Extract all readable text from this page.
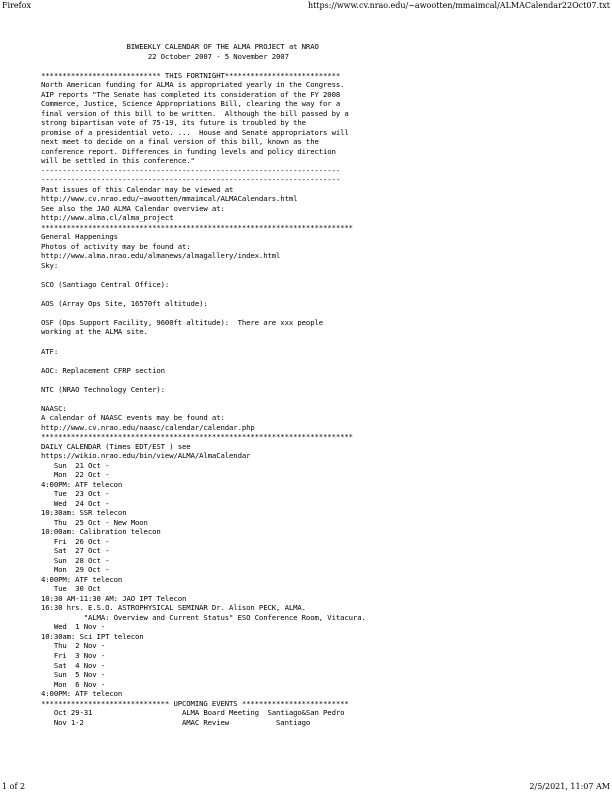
Firefox	https://www.cv.nrao.edu/~awootten/mmaimcal/ALMACalendar22Oct07.txt
BIWEEKLY CALENDAR OF THE ALMA PROJECT at NRAO
22 October 2007 - 5 November 2007
**************************** THIS FORTNIGHT***************************
North American funding for ALMA is appropriated yearly in the Congress.
AIP reports "The Senate has completed its consideration of the FY 2008
Commerce, Justice, Science Appropriations Bill, clearing the way for a
final version of this bill to be written.  Although the bill passed by a
strong bipartisan vote of 75-19, its future is troubled by the
promise of a presidential veto. ...  House and Senate appropriators will
next meet to decide on a final version of this bill, known as the
conference report. Differences in funding levels and policy direction
will be settled in this conference."
----------------------------------------------------------------------
----------------------------------------------------------------------
Past issues of this Calendar may be viewed at
http://www.cv.nrao.edu/~awootten/mmaimcal/ALMACalendars.html
See also the JAO ALMA Calendar overview at:
http://www.alma.cl/alma_project
*************************************************************************
General Happenings
Photos of activity may be found at:
http://www.alma.nrao.edu/almanews/almagallery/index.html
Sky:
SCO (Santiago Central Office):
AOS (Array Ops Site, 16570ft altitude):
OSF (Ops Support Facility, 9600ft altitude):  There are xxx people
working at the ALMA site.
ATF:
AOC: Replacement CFRP section
NTC (NRAO Technology Center):
NAASC:
A calendar of NAASC events may be found at:
http://www.cv.nrao.edu/naasc/calendar/calendar.php
*************************************************************************
DAILY CALENDAR (Times EDT/EST ) see
https://wikio.nrao.edu/bin/view/ALMA/AlmaCalendar
Sun  21 Oct -
Mon  22 Oct -
4:00PM: ATF telecon
Tue  23 Oct -
Wed  24 Oct -
10:30am: SSR telecon
Thu  25 Oct - New Moon
10:00am: Calibration telecon
Fri  26 Oct -
Sat  27 Oct -
Sun  28 Oct -
Mon  29 Oct -
4:00PM: ATF telecon
Tue  30 Oct
10:30 AM-11:30 AM: JAO IPT Telecon
16:30 hrs. E.S.O. ASTROPHYSICAL SEMINAR Dr. Alison PECK, ALMA.
"ALMA: Overview and Current Status" ESO Conference Room, Vitacura.
Wed  1 Nov -
10:30am: Sci IPT telecon
Thu  2 Nov -
Fri  3 Nov -
Sat  4 Nov -
Sun  5 Nov -
Mon  6 Nov -
4:00PM: ATF telecon
****************************** UPCOMING EVENTS *************************
Oct 29-31                     ALMA Board Meeting  Santiago&San Pedro
Nov 1-2                       AMAC Review           Santiago
1 of 2	2/5/2021, 11:07 AM
